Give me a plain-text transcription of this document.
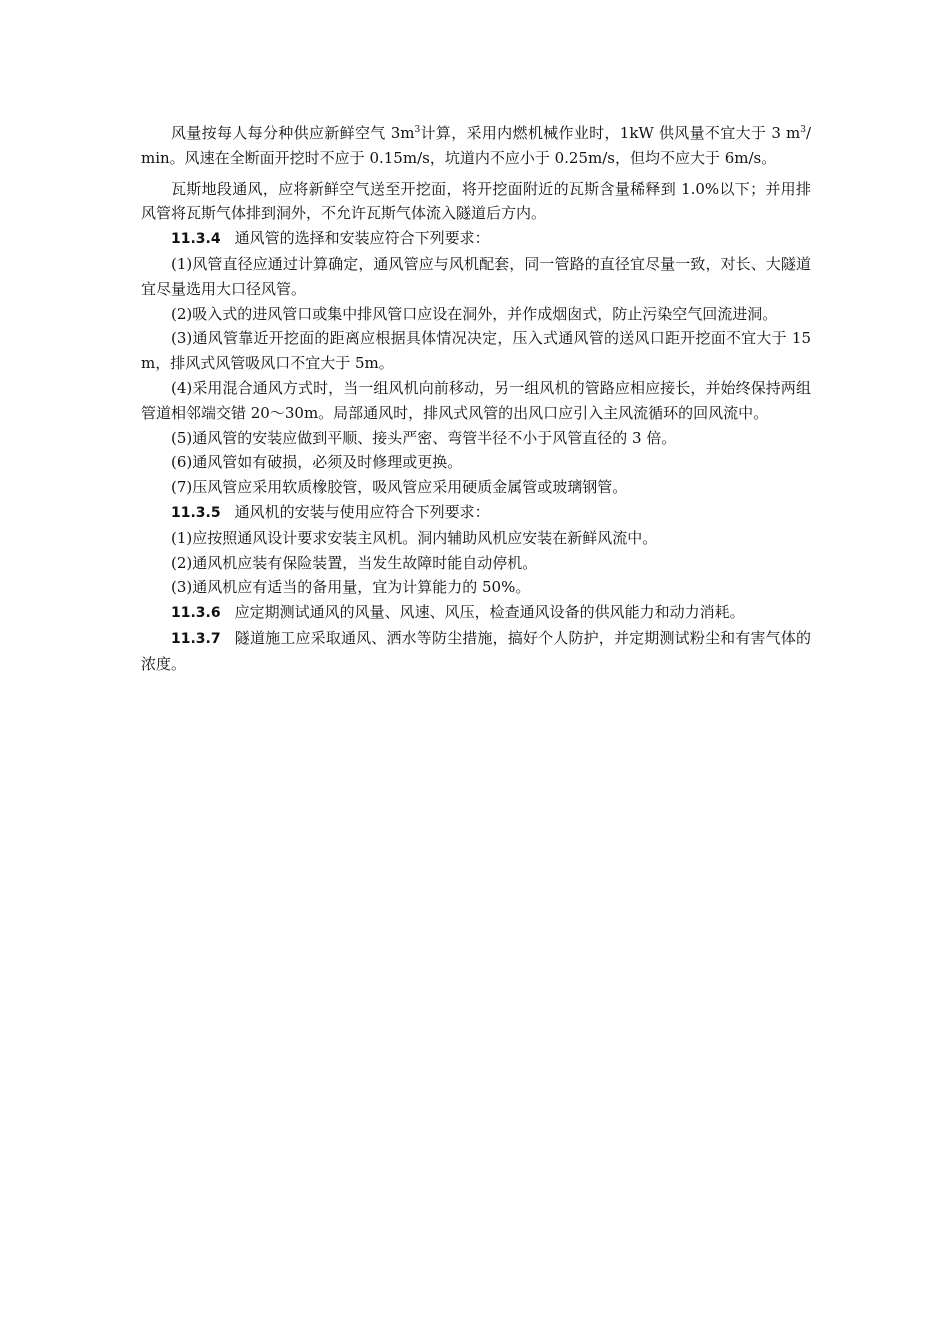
风量按每人每分种供应新鲜空气 $3m^3$计算，采用内燃机械作业时，1kW 供风量不宜大于 3 $m^3/\min$。风速在全断面开挖时不应于 0.15m/s，坑道内不应小于 0.25m/s，但均不应大于 6m/s。

瓦斯地段通风，应将新鲜空气送至开挖面，将开挖面附近的瓦斯含量稀释到 1.0%以下；并用排风管将瓦斯气体排到洞外，不允许瓦斯气体流入隧道后方内。

11.3.4 通风管的选择和安装应符合下列要求：

(1)风管直径应通过计算确定，通风管应与风机配套，同一管路的直径宜尽量一致，对长、大隧道宜尽量选用大口径风管。

(2)吸入式的进风管口或集中排风管口应设在洞外，并作成烟囱式，防止污染空气回流进洞。

(3)通风管靠近开挖面的距离应根据具体情况决定，压入式通风管的送风口距开挖面不宜大于 15m，排风式风管吸风口不宜大于 5m。

(4)采用混合通风方式时，当一组风机向前移动，另一组风机的管路应相应接长，并始终保持两组管道相邻端交错 20～30m。局部通风时，排风式风管的出风口应引入主风流循环的回风流中。

(5)通风管的安装应做到平顺、接头严密、弯管半径不小于风管直径的 3 倍。

(6)通风管如有破损，必须及时修理或更换。

(7)压风管应采用软质橡胶管，吸风管应采用硬质金属管或玻璃钢管。

11.3.5 通风机的安装与使用应符合下列要求：

(1)应按照通风设计要求安装主风机。洞内辅助风机应安装在新鲜风流中。

(2)通风机应装有保险装置，当发生故障时能自动停机。

(3)通风机应有适当的备用量，宜为计算能力的 50%。

11.3.6 应定期测试通风的风量、风速、风压，检查通风设备的供风能力和动力消耗。

11.3.7 隧道施工应采取通风、洒水等防尘措施，搞好个人防护，并定期测试粉尘和有害气体的浓度。
